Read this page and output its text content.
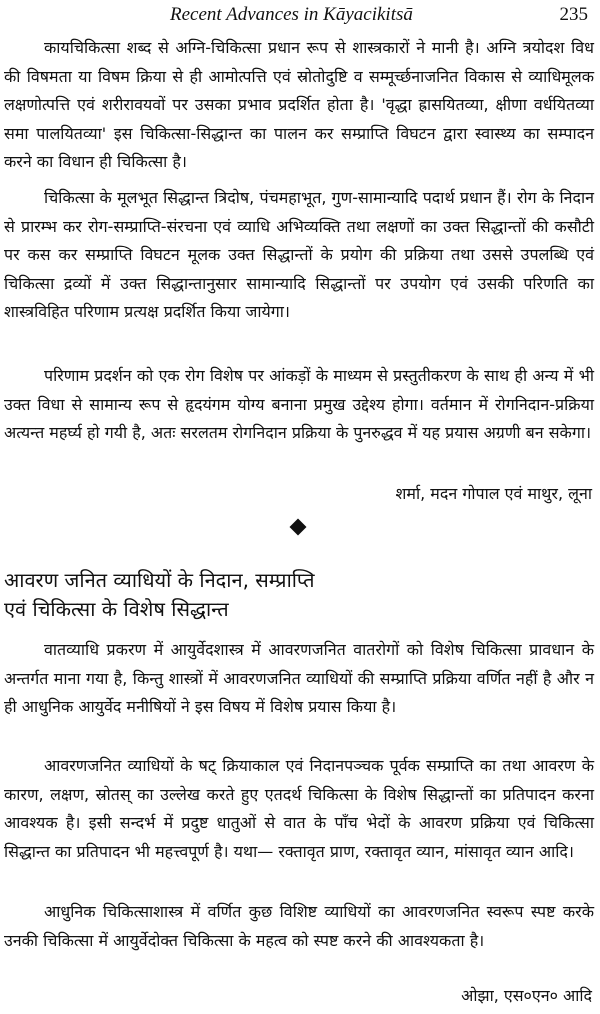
Recent Advances in Kāyacikitsā	235

कायचिकित्सा शब्द से अग्नि-चिकित्सा प्रधान रूप से शास्त्रकारों ने मानी है। अग्नि त्रयोदश विध की विषमता या विषम क्रिया से ही आमोत्पत्ति एवं स्रोतोदुष्टि व सम्मूर्च्छनाजनित विकास से व्याधिमूलक लक्षणोत्पत्ति एवं शरीरावयवों पर उसका प्रभाव प्रदर्शित होता है। 'वृद्धा ह्रासयितव्या, क्षीणा वर्धयितव्या समा पालयितव्या' इस चिकित्सा-सिद्धान्त का पालन कर सम्प्राप्ति विघटन द्वारा स्वास्थ्य का सम्पादन करने का विधान ही चिकित्सा है।

चिकित्सा के मूलभूत सिद्धान्त त्रिदोष, पंचमहाभूत, गुण-सामान्यादि पदार्थ प्रधान हैं। रोग के निदान से प्रारम्भ कर रोग-सम्प्राप्ति-संरचना एवं व्याधि अभिव्यक्ति तथा लक्षणों का उक्त सिद्धान्तों की कसौटी पर कस कर सम्प्राप्ति विघटन मूलक उक्त सिद्धान्तों के प्रयोग की प्रक्रिया तथा उससे उपलब्धि एवं चिकित्सा द्रव्यों में उक्त सिद्धान्तानुसार सामान्यादि सिद्धान्तों पर उपयोग एवं उसकी परिणति का शास्त्रविहित परिणाम प्रत्यक्ष प्रदर्शित किया जायेगा।

परिणाम प्रदर्शन को एक रोग विशेष पर आंकड़ों के माध्यम से प्रस्तुतीकरण के साथ ही अन्य में भी उक्त विधा से सामान्य रूप से हृदयंगम योग्य बनाना प्रमुख उद्देश्य होगा। वर्तमान में रोगनिदान-प्रक्रिया अत्यन्त महर्घ्य हो गयी है, अतः सरलतम रोगनिदान प्रक्रिया के पुनरुद्धव में यह प्रयास अग्रणी बन सकेगा।

शर्मा, मदन गोपाल एवं माथुर, लूना

आवरण जनित व्याधियों के निदान, सम्प्राप्ति
एवं चिकित्सा के विशेष सिद्धान्त

वातव्याधि प्रकरण में आयुर्वेदशास्त्र में आवरणजनित वातरोगों को विशेष चिकित्सा प्रावधान के अन्तर्गत माना गया है, किन्तु शास्त्रों में आवरणजनित व्याधियों की सम्प्राप्ति प्रक्रिया वर्णित नहीं है और न ही आधुनिक आयुर्वेद मनीषियों ने इस विषय में विशेष प्रयास किया है।

आवरणजनित व्याधियों के षट् क्रियाकाल एवं निदानपञ्चक पूर्वक सम्प्राप्ति का तथा आवरण के कारण, लक्षण, स्रोतस् का उल्लेख करते हुए एतदर्थ चिकित्सा के विशेष सिद्धान्तों का प्रतिपादन करना आवश्यक है। इसी सन्दर्भ में प्रदुष्ट धातुओं से वात के पाँच भेदों के आवरण प्रक्रिया एवं चिकित्सा सिद्धान्त का प्रतिपादन भी महत्त्वपूर्ण है। यथा— रक्तावृत प्राण, रक्तावृत व्यान, मांसावृत व्यान आदि।

आधुनिक चिकित्साशास्त्र में वर्णित कुछ विशिष्ट व्याधियों का आवरणजनित स्वरूप स्पष्ट करके उनकी चिकित्सा में आयुर्वेदोक्त चिकित्सा के महत्व को स्पष्ट करने की आवश्यकता है।

ओझा, एस०एन० आदि
